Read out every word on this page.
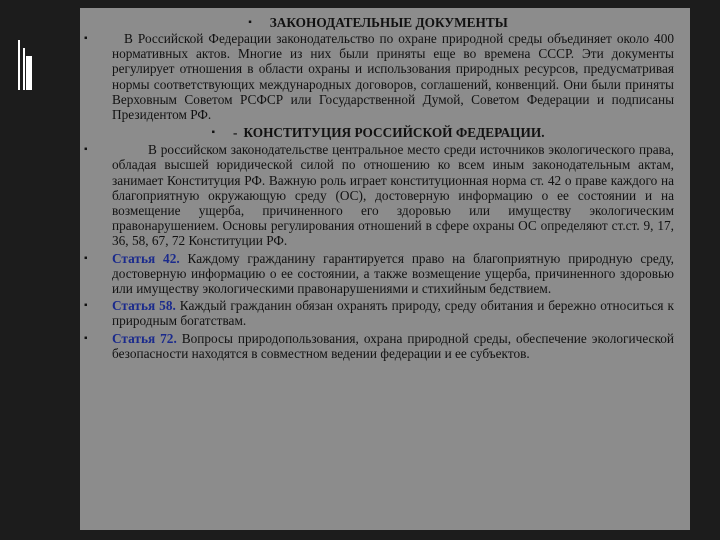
▪ ЗАКОНОДАТЕЛЬНЫЕ ДОКУМЕНТЫ

▪	В Российской Федерации законодательство по охране природной среды объединяет около 400 нормативных актов. Многие из них были приняты еще во времена СССР. Эти документы регулирует отношения в области охраны и использования природных ресурсов, предусматривая нормы соответствующих международных договоров, соглашений, конвенций. Они были приняты Верховным Советом РСФСР или Государственной Думой, Советом Федерации и подписаны Президентом РФ.

▪ - КОНСТИТУЦИЯ РОССИЙСКОЙ ФЕДЕРАЦИИ.

▪	В российском законодательстве центральное место среди источников экологического права, обладая высшей юридической силой по отношению ко всем иным законодательным актам, занимает Конституция РФ. Важную роль играет конституционная норма ст. 42 о праве каждого на благоприятную окружающую среду (ОС), достоверную информацию о ее состоянии и на возмещение ущерба, причиненного его здоровью или имуществу экологическим правонарушением. Основы регулирования отношений в сфере охраны ОС определяют ст.ст. 9, 17, 36, 58, 67, 72 Конституции РФ.

▪ Статья 42. Каждому гражданину гарантируется право на благоприятную природную среду, достоверную информацию о ее состоянии, а также возмещение ущерба, причиненного здоровью или имуществу экологическими правонарушениями и стихийным бедствием.

▪ Статья 58. Каждый гражданин обязан охранять природу, среду обитания и бережно относиться к природным богатствам.

▪ Статья 72. Вопросы природопользования, охрана природной среды, обеспечение экологической безопасности находятся в совместном ведении федерации и ее субъектов.
